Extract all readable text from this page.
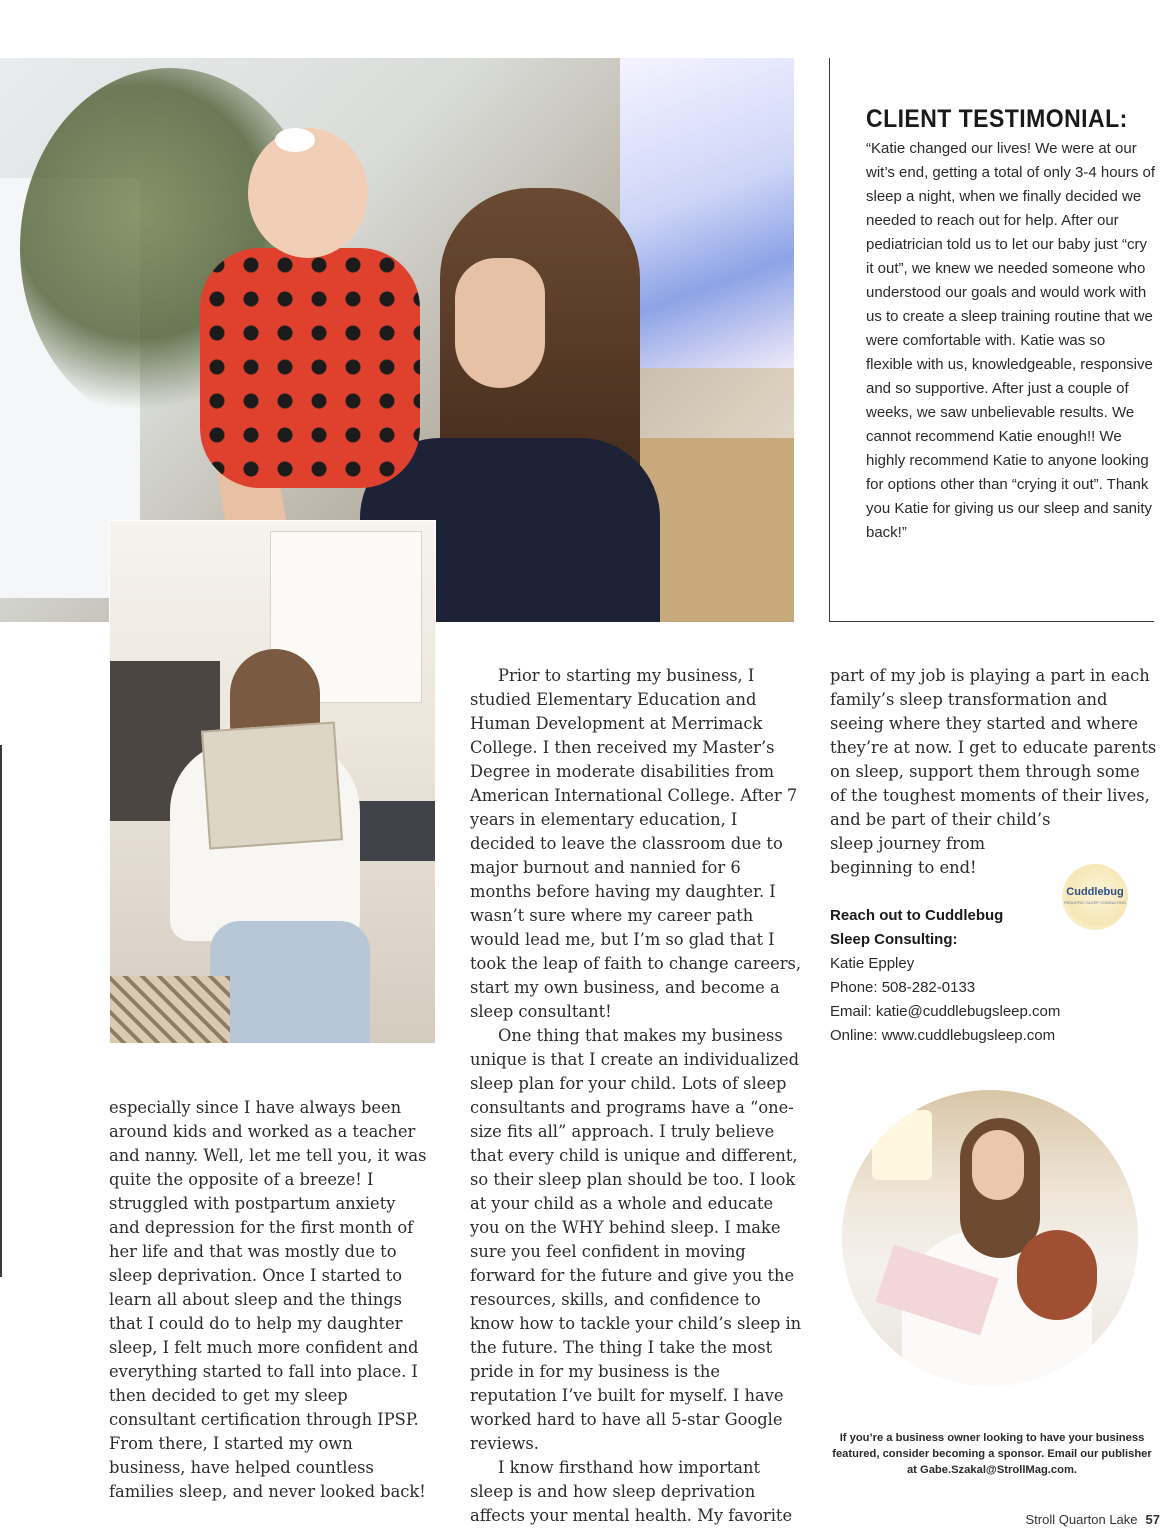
CLIENT TESTIMONIAL:
“Katie changed our lives! We were at our wit’s end, getting a total of only 3-4 hours of sleep a night, when we finally decided we needed to reach out for help. After our pediatrician told us to let our baby just “cry it out”, we knew we needed someone who understood our goals and would work with us to create a sleep training routine that we were comfortable with. Katie was so flexible with us, knowledgeable, responsive and so supportive. After just a couple of weeks, we saw unbelievable results. We cannot recommend Katie enough!! We highly recommend Katie to anyone looking for options other than “crying it out”. Thank you Katie for giving us our sleep and sanity back!”

especially since I have always been around kids and worked as a teacher and nanny. Well, let me tell you, it was quite the opposite of a breeze! I struggled with postpartum anxiety and depression for the first month of her life and that was mostly due to sleep deprivation. Once I started to learn all about sleep and the things that I could do to help my daughter sleep, I felt much more confident and everything started to fall into place. I then decided to get my sleep consultant certification through IPSP. From there, I started my own business, have helped countless families sleep, and never looked back!

Prior to starting my business, I studied Elementary Education and Human Development at Merrimack College. I then received my Master’s Degree in moderate disabilities from American International College. After 7 years in elementary education, I decided to leave the classroom due to major burnout and nannied for 6 months before having my daughter. I wasn’t sure where my career path would lead me, but I’m so glad that I took the leap of faith to change careers, start my own business, and become a sleep consultant!

One thing that makes my business unique is that I create an individualized sleep plan for your child. Lots of sleep consultants and programs have a “one-size fits all” approach. I truly believe that every child is unique and different, so their sleep plan should be too. I look at your child as a whole and educate you on the WHY behind sleep. I make sure you feel confident in moving forward for the future and give you the resources, skills, and confidence to know how to tackle your child’s sleep in the future. The thing I take the most pride in for my business is the reputation I’ve built for myself. I have worked hard to have all 5-star Google reviews.

I know firsthand how important sleep is and how sleep deprivation affects your mental health. My favorite

part of my job is playing a part in each family’s sleep transformation and seeing where they started and where they’re at now. I get to educate parents on sleep, support them through some of the toughest moments of their lives, and be part of their child’s

sleep journey from

beginning to end!

Cuddlebug
PEDIATRIC SLEEP CONSULTING
Reach out to Cuddlebug
Sleep Consulting:
Katie Eppley
Phone: 508-282-0133
Email: katie@cuddlebugsleep.com
Online: www.cuddlebugsleep.com
If you’re a business owner looking to have your business featured, consider becoming a sponsor. Email our publisher at Gabe.Szakal@StrollMag.com.
Stroll Quarton Lake 57
